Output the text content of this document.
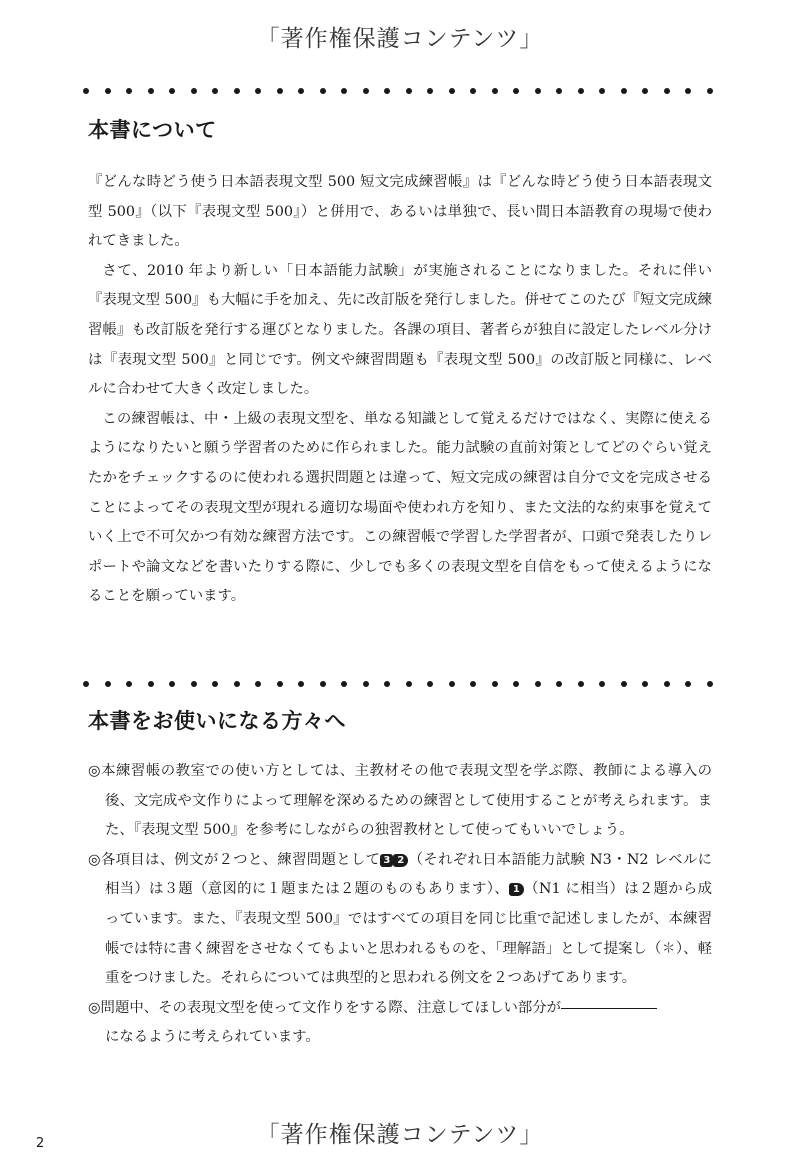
「著作権保護コンテンツ」
本書について

『どんな時どう使う日本語表現文型 500 短文完成練習帳』は『どんな時どう使う日本語表現文型 500』（以下『表現文型 500』）と併用で、あるいは単独で、長い間日本語教育の現場で使われてきました。

さて、2010 年より新しい「日本語能力試験」が実施されることになりました。それに伴い『表現文型 500』も大幅に手を加え、先に改訂版を発行しました。併せてこのたび『短文完成練習帳』も改訂版を発行する運びとなりました。各課の項目、著者らが独自に設定したレベル分けは『表現文型 500』と同じです。例文や練習問題も『表現文型 500』の改訂版と同様に、レベルに合わせて大きく改定しました。

この練習帳は、中・上級の表現文型を、単なる知識として覚えるだけではなく、実際に使えるようになりたいと願う学習者のために作られました。能力試験の直前対策としてどのぐらい覚えたかをチェックするのに使われる選択問題とは違って、短文完成の練習は自分で文を完成させることによってその表現文型が現れる適切な場面や使われ方を知り、また文法的な約束事を覚えていく上で不可欠かつ有効な練習方法です。この練習帳で学習した学習者が、口頭で発表したりレポートや論文などを書いたりする際に、少しでも多くの表現文型を自信をもって使えるようになることを願っています。

本書をお使いになる方々へ
◎本練習帳の教室での使い方としては、主教材その他で表現文型を学ぶ際、教師による導入の後、文完成や文作りによって理解を深めるための練習として使用することが考えられます。また、『表現文型 500』を参考にしながらの独習教材として使ってもいいでしょう。
◎各項目は、例文が２つと、練習問題として 3 2 （それぞれ日本語能力試験 N3・N2 レベルに相当）は３題（意図的に１題または２題のものもあります）、 1 （N1 に相当）は２題から成っています。また、『表現文型 500』ではすべての項目を同じ比重で記述しましたが、本練習帳では特に書く練習をさせなくてもよいと思われるものを、「理解語」として提案し（✽）、軽重をつけました。それらについては典型的と思われる例文を２つあげてあります。
◎問題中、その表現文型を使って文作りをする際、注意してほしい部分が
になるように考えられています。
2	「著作権保護コンテンツ」
